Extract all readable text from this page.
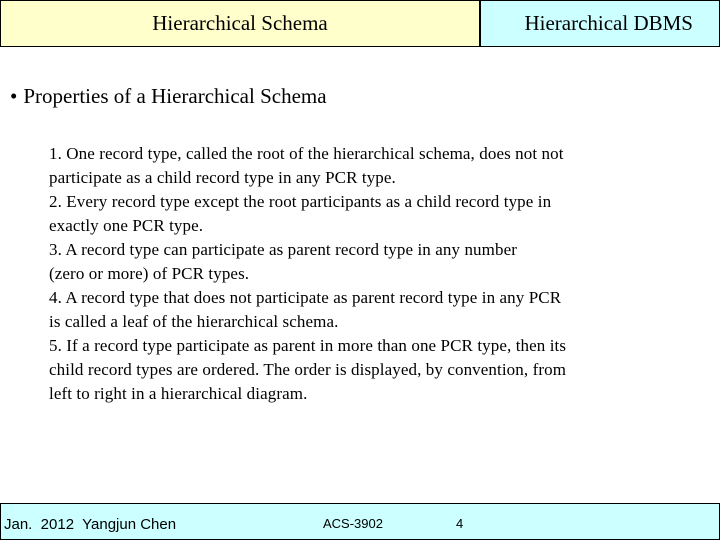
Hierarchical Schema	Hierarchical DBMS
• Properties of a Hierarchical Schema

1. One record type, called the root of the hierarchical schema, does not not

participate as a child record type in any PCR type.

2. Every record type except the root participants as a child record type in

exactly one PCR type.

3. A record type can participate as parent record type in any number

(zero or more) of PCR types.

4. A record type that does not participate as parent record type in any PCR

is called a leaf of the hierarchical schema.

5. If a record type participate as parent in more than one PCR type, then its

child record types are ordered. The order is displayed, by convention, from

left to right in a hierarchical diagram.

Jan.  2012  Yangjun Chen	ACS-3902	4
